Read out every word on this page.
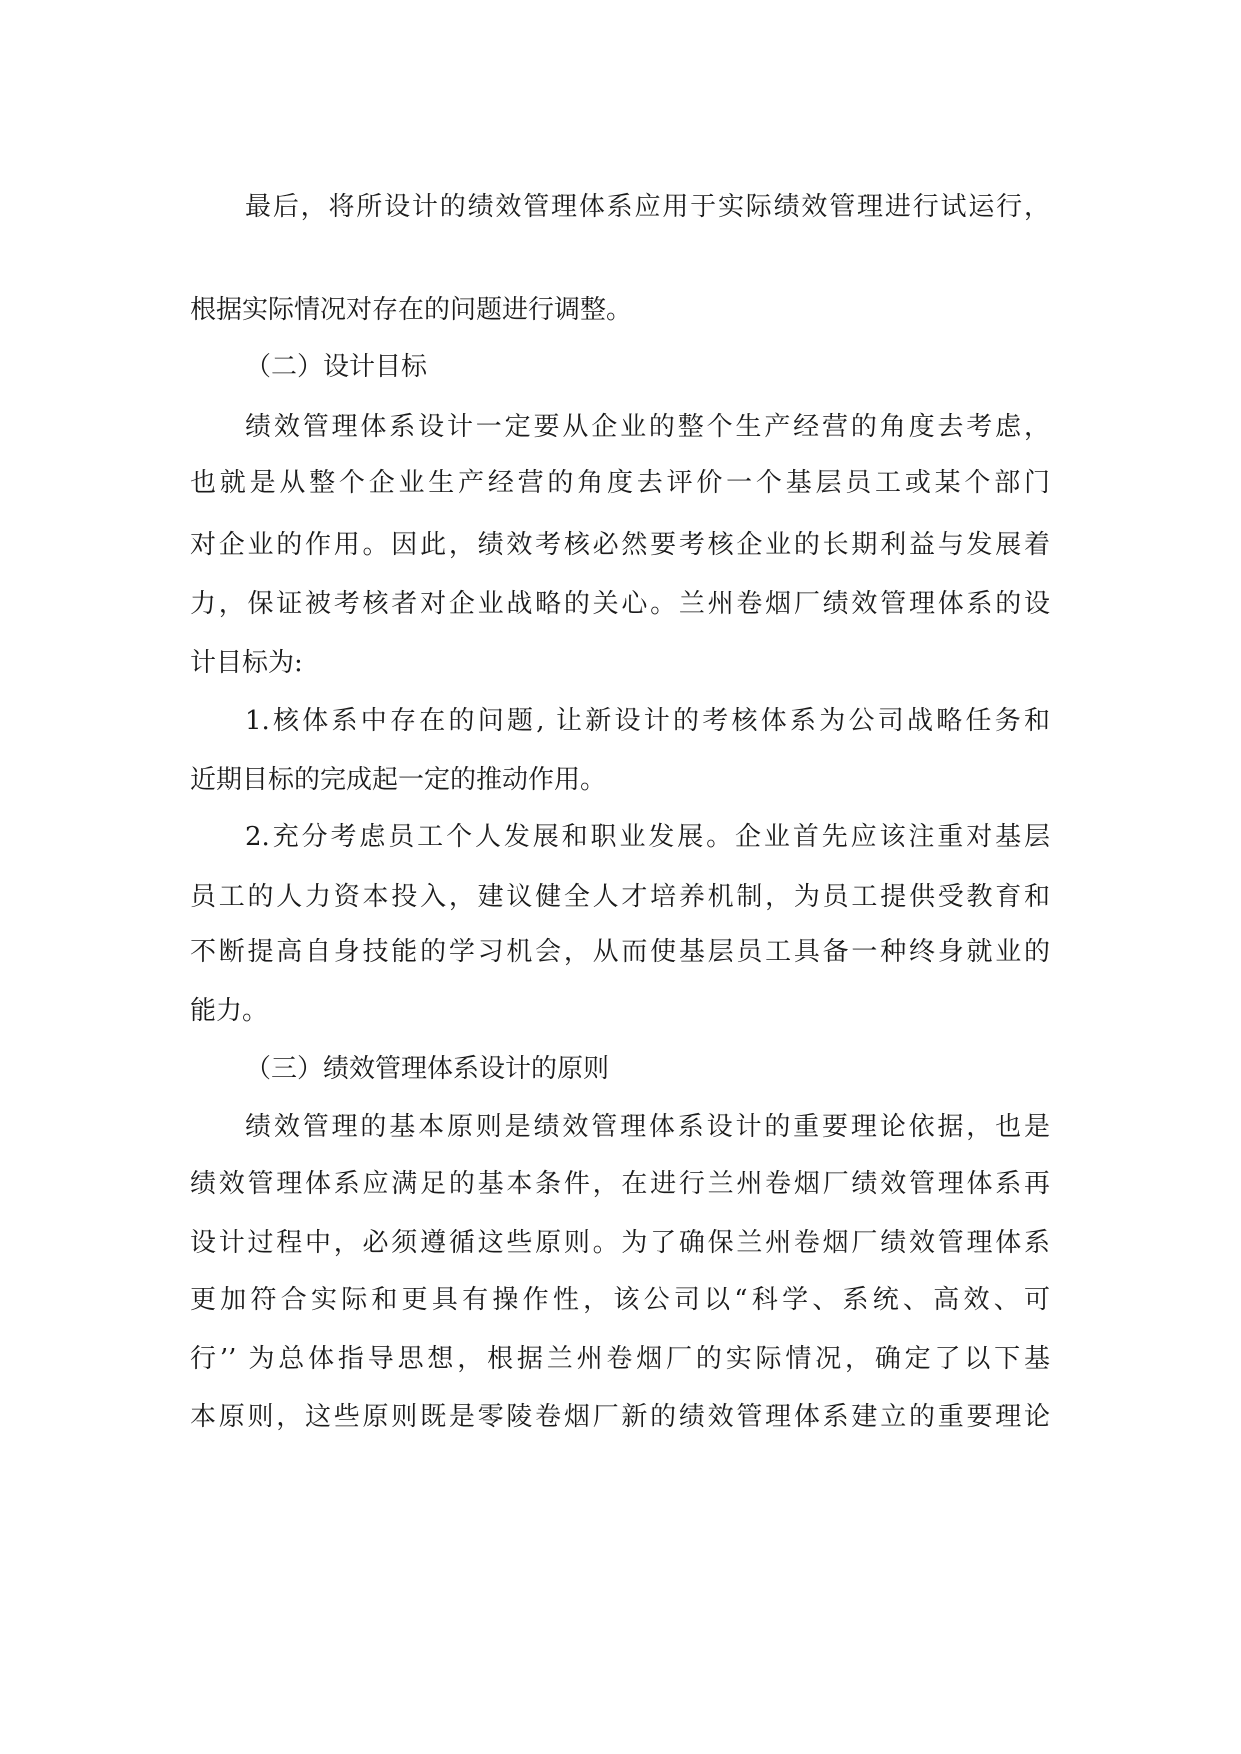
最后，将所设计的绩效管理体系应用于实际绩效管理进行试运行，
根据实际情况对存在的问题进行调整。
（二）设计目标
绩效管理体系设计一定要从企业的整个生产经营的角度去考虑，
也就是从整个企业生产经营的角度去评价一个基层员工或某个部门
对企业的作用。因此，绩效考核必然要考核企业的长期利益与发展着
力，保证被考核者对企业战略的关心。兰州卷烟厂绩效管理体系的设
计目标为:
1.核体系中存在的问题, 让新设计的考核体系为公司战略任务和
近期目标的完成起一定的推动作用。
2.充分考虑员工个人发展和职业发展。企业首先应该注重对基层
员工的人力资本投入，建议健全人才培养机制，为员工提供受教育和
不断提高自身技能的学习机会，从而使基层员工具备一种终身就业的
能力。
（三）绩效管理体系设计的原则
绩效管理的基本原则是绩效管理体系设计的重要理论依据，也是
绩效管理体系应满足的基本条件，在进行兰州卷烟厂绩效管理体系再
设计过程中，必须遵循这些原则。为了确保兰州卷烟厂绩效管理体系
更加符合实际和更具有操作性，该公司以“科学、系统、高效、可
行’’ 为总体指导思想，根据兰州卷烟厂的实际情况，确定了以下基
本原则，这些原则既是零陵卷烟厂新的绩效管理体系建立的重要理论
